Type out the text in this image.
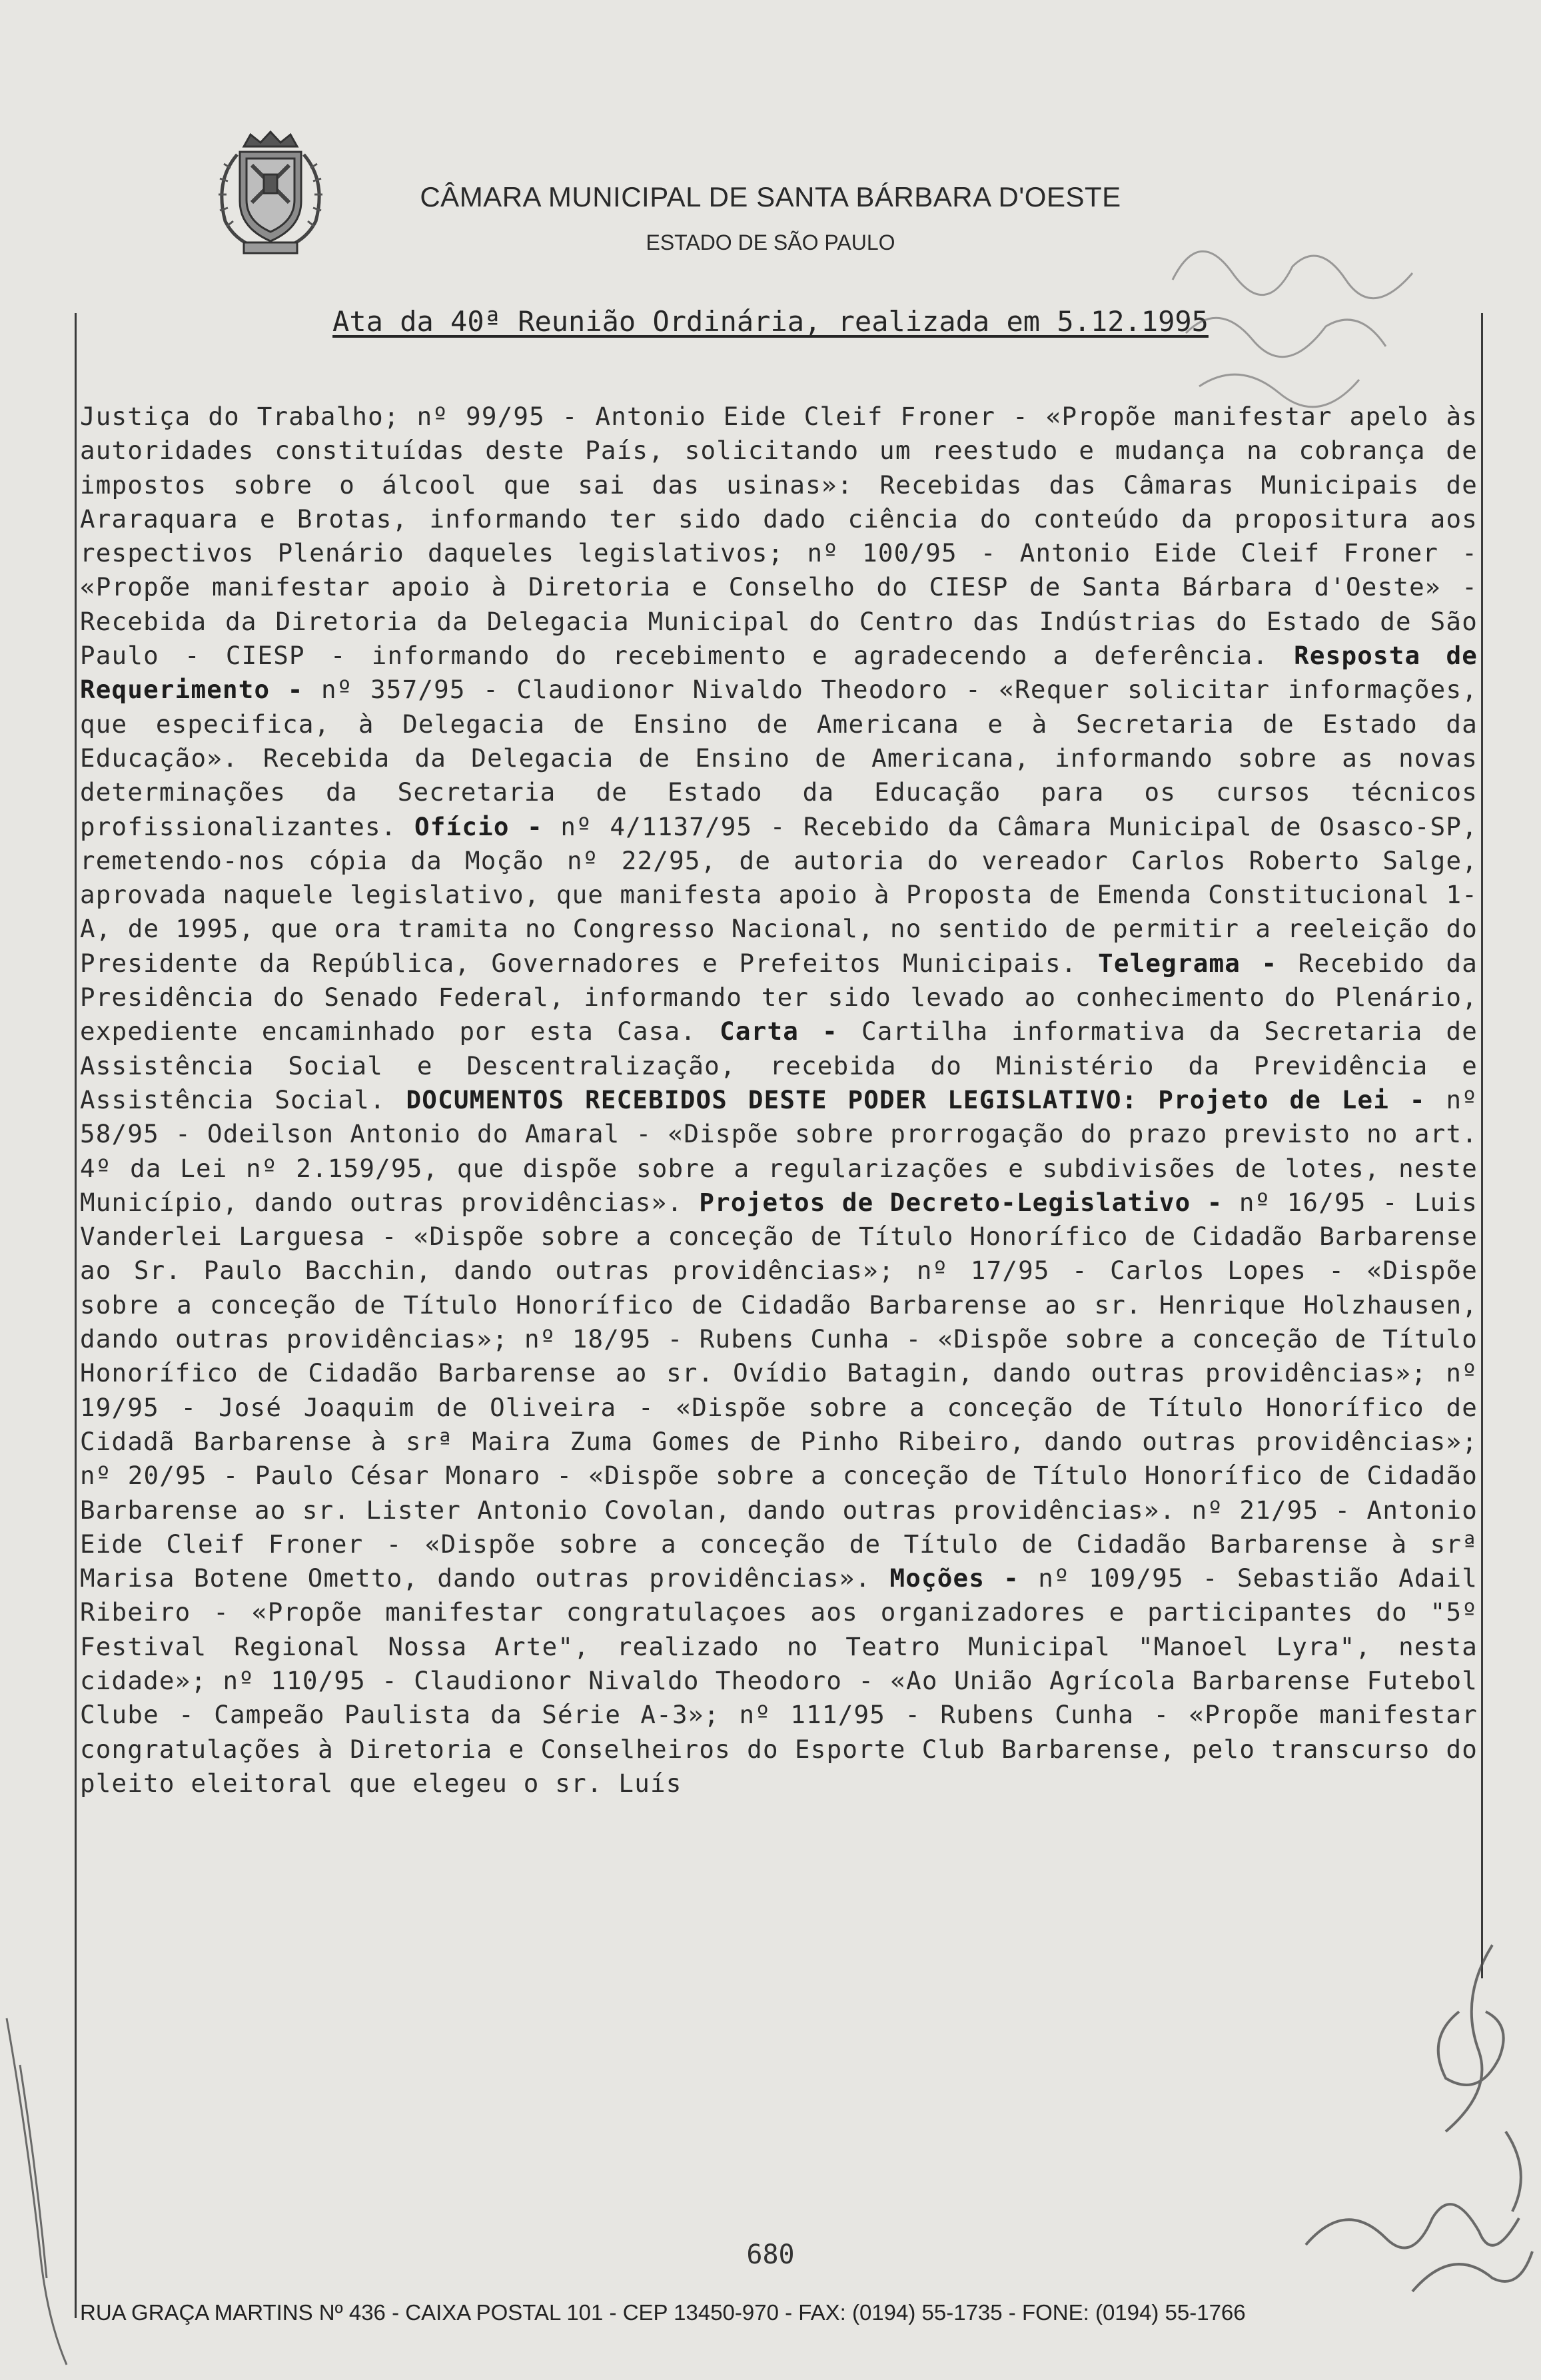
CÂMARA MUNICIPAL DE SANTA BÁRBARA D'OESTE
ESTADO DE SÃO PAULO
Ata da 40ª Reunião Ordinária, realizada em 5.12.1995
Justiça do Trabalho; nº 99/95 - Antonio Eide Cleif Froner - «Propõe manifestar apelo às autoridades constituídas deste País, solicitando um reestudo e mudança na cobrança de impostos sobre o álcool que sai das usinas»: Recebidas das Câmaras Municipais de Araraquara e Brotas, informando ter sido dado ciência do conteúdo da propositura aos respectivos Plenário daqueles legislativos; nº 100/95 - Antonio Eide Cleif Froner - «Propõe manifestar apoio à Diretoria e Conselho do CIESP de Santa Bárbara d'Oeste» - Recebida da Diretoria da Delegacia Municipal do Centro das Indústrias do Estado de São Paulo - CIESP - informando do recebimento e agradecendo a deferência. Resposta de Requerimento - nº 357/95 - Claudionor Nivaldo Theodoro - «Requer solicitar informações, que especifica, à Delegacia de Ensino de Americana e à Secretaria de Estado da Educação». Recebida da Delegacia de Ensino de Americana, informando sobre as novas determinações da Secretaria de Estado da Educação para os cursos técnicos profissionalizantes. Ofício - nº 4/1137/95 - Recebido da Câmara Municipal de Osasco-SP, remetendo-nos cópia da Moção nº 22/95, de autoria do vereador Carlos Roberto Salge, aprovada naquele legislativo, que manifesta apoio à Proposta de Emenda Constitucional 1-A, de 1995, que ora tramita no Congresso Nacional, no sentido de permitir a reeleição do Presidente da República, Governadores e Prefeitos Municipais. Telegrama - Recebido da Presidência do Senado Federal, informando ter sido levado ao conhecimento do Plenário, expediente encaminhado por esta Casa. Carta - Cartilha informativa da Secretaria de Assistência Social e Descentralização, recebida do Ministério da Previdência e Assistência Social. DOCUMENTOS RECEBIDOS DESTE PODER LEGISLATIVO: Projeto de Lei - nº 58/95 - Odeilson Antonio do Amaral - «Dispõe sobre prorrogação do prazo previsto no art. 4º da Lei nº 2.159/95, que dispõe sobre a regularizações e subdivisões de lotes, neste Município, dando outras providências». Projetos de Decreto-Legislativo - nº 16/95 - Luis Vanderlei Larguesa - «Dispõe sobre a conceção de Título Honorífico de Cidadão Barbarense ao Sr. Paulo Bacchin, dando outras providências»; nº 17/95 - Carlos Lopes - «Dispõe sobre a conceção de Título Honorífico de Cidadão Barbarense ao sr. Henrique Holzhausen, dando outras providências»; nº 18/95 - Rubens Cunha - «Dispõe sobre a conceção de Título Honorífico de Cidadão Barbarense ao sr. Ovídio Batagin, dando outras providências»; nº 19/95 - José Joaquim de Oliveira - «Dispõe sobre a conceção de Título Honorífico de Cidadã Barbarense à srª Maira Zuma Gomes de Pinho Ribeiro, dando outras providências»; nº 20/95 - Paulo César Monaro - «Dispõe sobre a conceção de Título Honorífico de Cidadão Barbarense ao sr. Lister Antonio Covolan, dando outras providências». nº 21/95 - Antonio Eide Cleif Froner - «Dispõe sobre a conceção de Título de Cidadão Barbarense à srª Marisa Botene Ometto, dando outras providências». Moções - nº 109/95 - Sebastião Adail Ribeiro - «Propõe manifestar congratulaçoes aos organizadores e participantes do "5º Festival Regional Nossa Arte", realizado no Teatro Municipal "Manoel Lyra", nesta cidade»; nº 110/95 - Claudionor Nivaldo Theodoro - «Ao União Agrícola Barbarense Futebol Clube - Campeão Paulista da Série A-3»; nº 111/95 - Rubens Cunha - «Propõe manifestar congratulações à Diretoria e Conselheiros do Esporte Club Barbarense, pelo transcurso do pleito eleitoral que elegeu o sr. Luís
680
RUA GRAÇA MARTINS Nº 436 - CAIXA POSTAL 101 - CEP 13450-970 - FAX: (0194) 55-1735 - FONE: (0194) 55-1766
